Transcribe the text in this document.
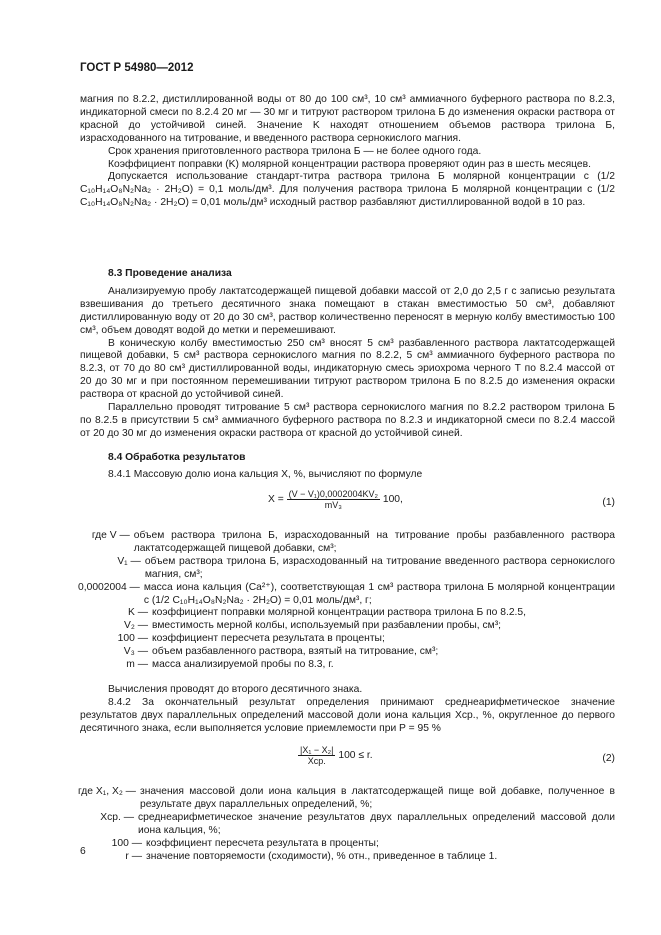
ГОСТ Р 54980—2012

магния по 8.2.2, дистиллированной воды от 80 до 100 см³, 10 см³ аммиачного буферного раствора по 8.2.3, индикаторной смеси по 8.2.4 20 мг — 30 мг и титруют раствором трилона Б до изменения окраски раствора от красной до устойчивой синей. Значение K находят отношением объемов раствора трилона Б, израсходованного на титрование, и введенного раствора сернокислого магния.

Срок хранения приготовленного раствора трилона Б — не более одного года.

Коэффициент поправки (K) молярной концентрации раствора проверяют один раз в шесть месяцев.

Допускается использование стандарт-титра раствора трилона Б молярной концентрации c (1/2 C₁₀H₁₄O₈N₂Na₂ · 2H₂O) = 0,1 моль/дм³. Для получения раствора трилона Б молярной концентрации c (1/2 C₁₀H₁₄O₈N₂Na₂ · 2H₂O) = 0,01 моль/дм³ исходный раствор разбавляют дистиллированной водой в 10 раз.

8.3 Проведение анализа

Анализируемую пробу лактатсодержащей пищевой добавки массой от 2,0 до 2,5 г с записью результата взвешивания до третьего десятичного знака помещают в стакан вместимостью 50 см³, добавляют дистиллированную воду от 20 до 30 см³, раствор количественно переносят в мерную колбу вместимостью 100 см³, объем доводят водой до метки и перемешивают.

В коническую колбу вместимостью 250 см³ вносят 5 см³ разбавленного раствора лактатсодержащей пищевой добавки, 5 см³ раствора сернокислого магния по 8.2.2, 5 см³ аммиачного буферного раствора по 8.2.3, от 70 до 80 см³ дистиллированной воды, индикаторную смесь эриохрома черного Т по 8.2.4 массой от 20 до 30 мг и при постоянном перемешивании титруют раствором трилона Б по 8.2.5 до изменения окраски раствора от красной до устойчивой синей.

Параллельно проводят титрование 5 см³ раствора сернокислого магния по 8.2.2 раствором трилона Б по 8.2.5 в присутствии 5 см³ аммиачного буферного раствора по 8.2.3 и индикаторной смеси по 8.2.4 массой от 20 до 30 мг до изменения окраски раствора от красной до устойчивой синей.

8.4 Обработка результатов

8.4.1 Массовую долю иона кальция X, %, вычисляют по формуле

$X = \frac{\text{(V − V₁)0,0002004KV₂}}{\text{mV₃}} 100$,	(1)
где V — объем раствора трилона Б, израсходованный на титрование пробы разбавленного раствора лактатсодержащей пищевой добавки, см³;
V₁ — объем раствора трилона Б, израсходованный на титрование введенного раствора сернокислого магния, см³;
0,0002004 — масса иона кальция (Ca²⁺), соответствующая 1 см³ раствора трилона Б молярной концентрации c (1/2 C₁₀H₁₄O₈N₂Na₂ · 2H₂O) = 0,01 моль/дм³, г;
K — коэффициент поправки молярной концентрации раствора трилона Б по 8.2.5,
V₂ — вместимость мерной колбы, используемый при разбавлении пробы, см³;
100 — коэффициент пересчета результата в проценты;
V₃ — объем разбавленного раствора, взятый на титрование, см³;
m — масса анализируемой пробы по 8.3, г.

Вычисления проводят до второго десятичного знака.

8.4.2 За окончательный результат определения принимают среднеарифметическое значение результатов двух параллельных определений массовой доли иона кальция Xср., %, округленное до первого десятичного знака, если выполняется условие приемлемости при P = 95 %

$\frac{\text{|X₁ − X₂|}}{\text{Xср.}} 100 \le r$.	(2)
где X₁, X₂ — значения массовой доли иона кальция в лактатсодержащей пище вой добавке, полученное в результате двух параллельных определений, %;
Xср. — среднеарифметическое значение результатов двух параллельных определений массовой доли иона кальция, %;
100 — коэффициент пересчета результата в проценты;
r — значение повторяемости (сходимости), % отн., приведенное в таблице 1.
6
